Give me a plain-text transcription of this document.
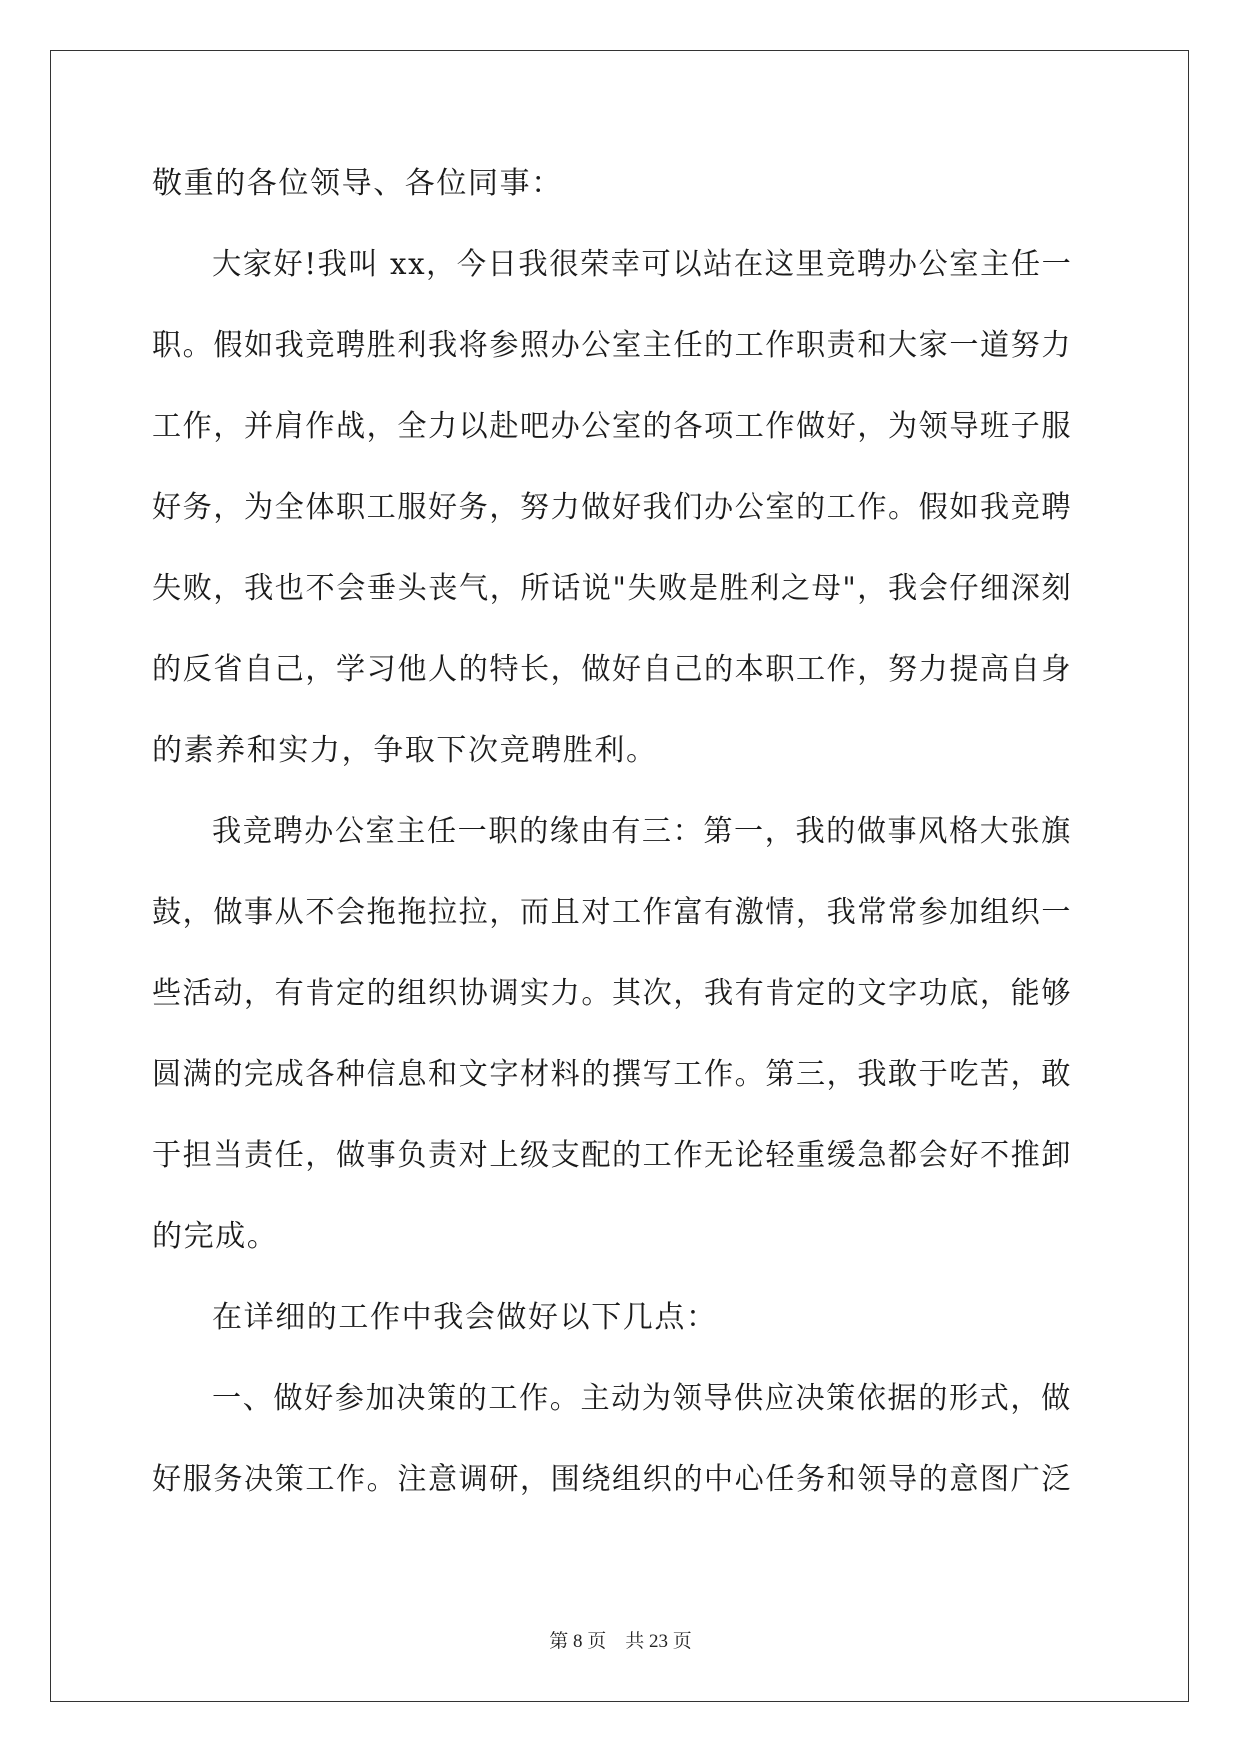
敬重的各位领导、各位同事：
大家好!我叫 xx，今日我很荣幸可以站在这里竞聘办公室主任一
职。假如我竞聘胜利我将参照办公室主任的工作职责和大家一道努力
工作，并肩作战，全力以赴吧办公室的各项工作做好，为领导班子服
好务，为全体职工服好务，努力做好我们办公室的工作。假如我竞聘
失败，我也不会垂头丧气，所话说"失败是胜利之母"，我会仔细深刻
的反省自己，学习他人的特长，做好自己的本职工作，努力提高自身
的素养和实力，争取下次竞聘胜利。
我竞聘办公室主任一职的缘由有三：第一，我的做事风格大张旗
鼓，做事从不会拖拖拉拉，而且对工作富有激情，我常常参加组织一
些活动，有肯定的组织协调实力。其次，我有肯定的文字功底，能够
圆满的完成各种信息和文字材料的撰写工作。第三，我敢于吃苦，敢
于担当责任，做事负责对上级支配的工作无论轻重缓急都会好不推卸
的完成。
在详细的工作中我会做好以下几点：
一、做好参加决策的工作。主动为领导供应决策依据的形式，做
好服务决策工作。注意调研，围绕组织的中心任务和领导的意图广泛
第 8 页 共 23 页
